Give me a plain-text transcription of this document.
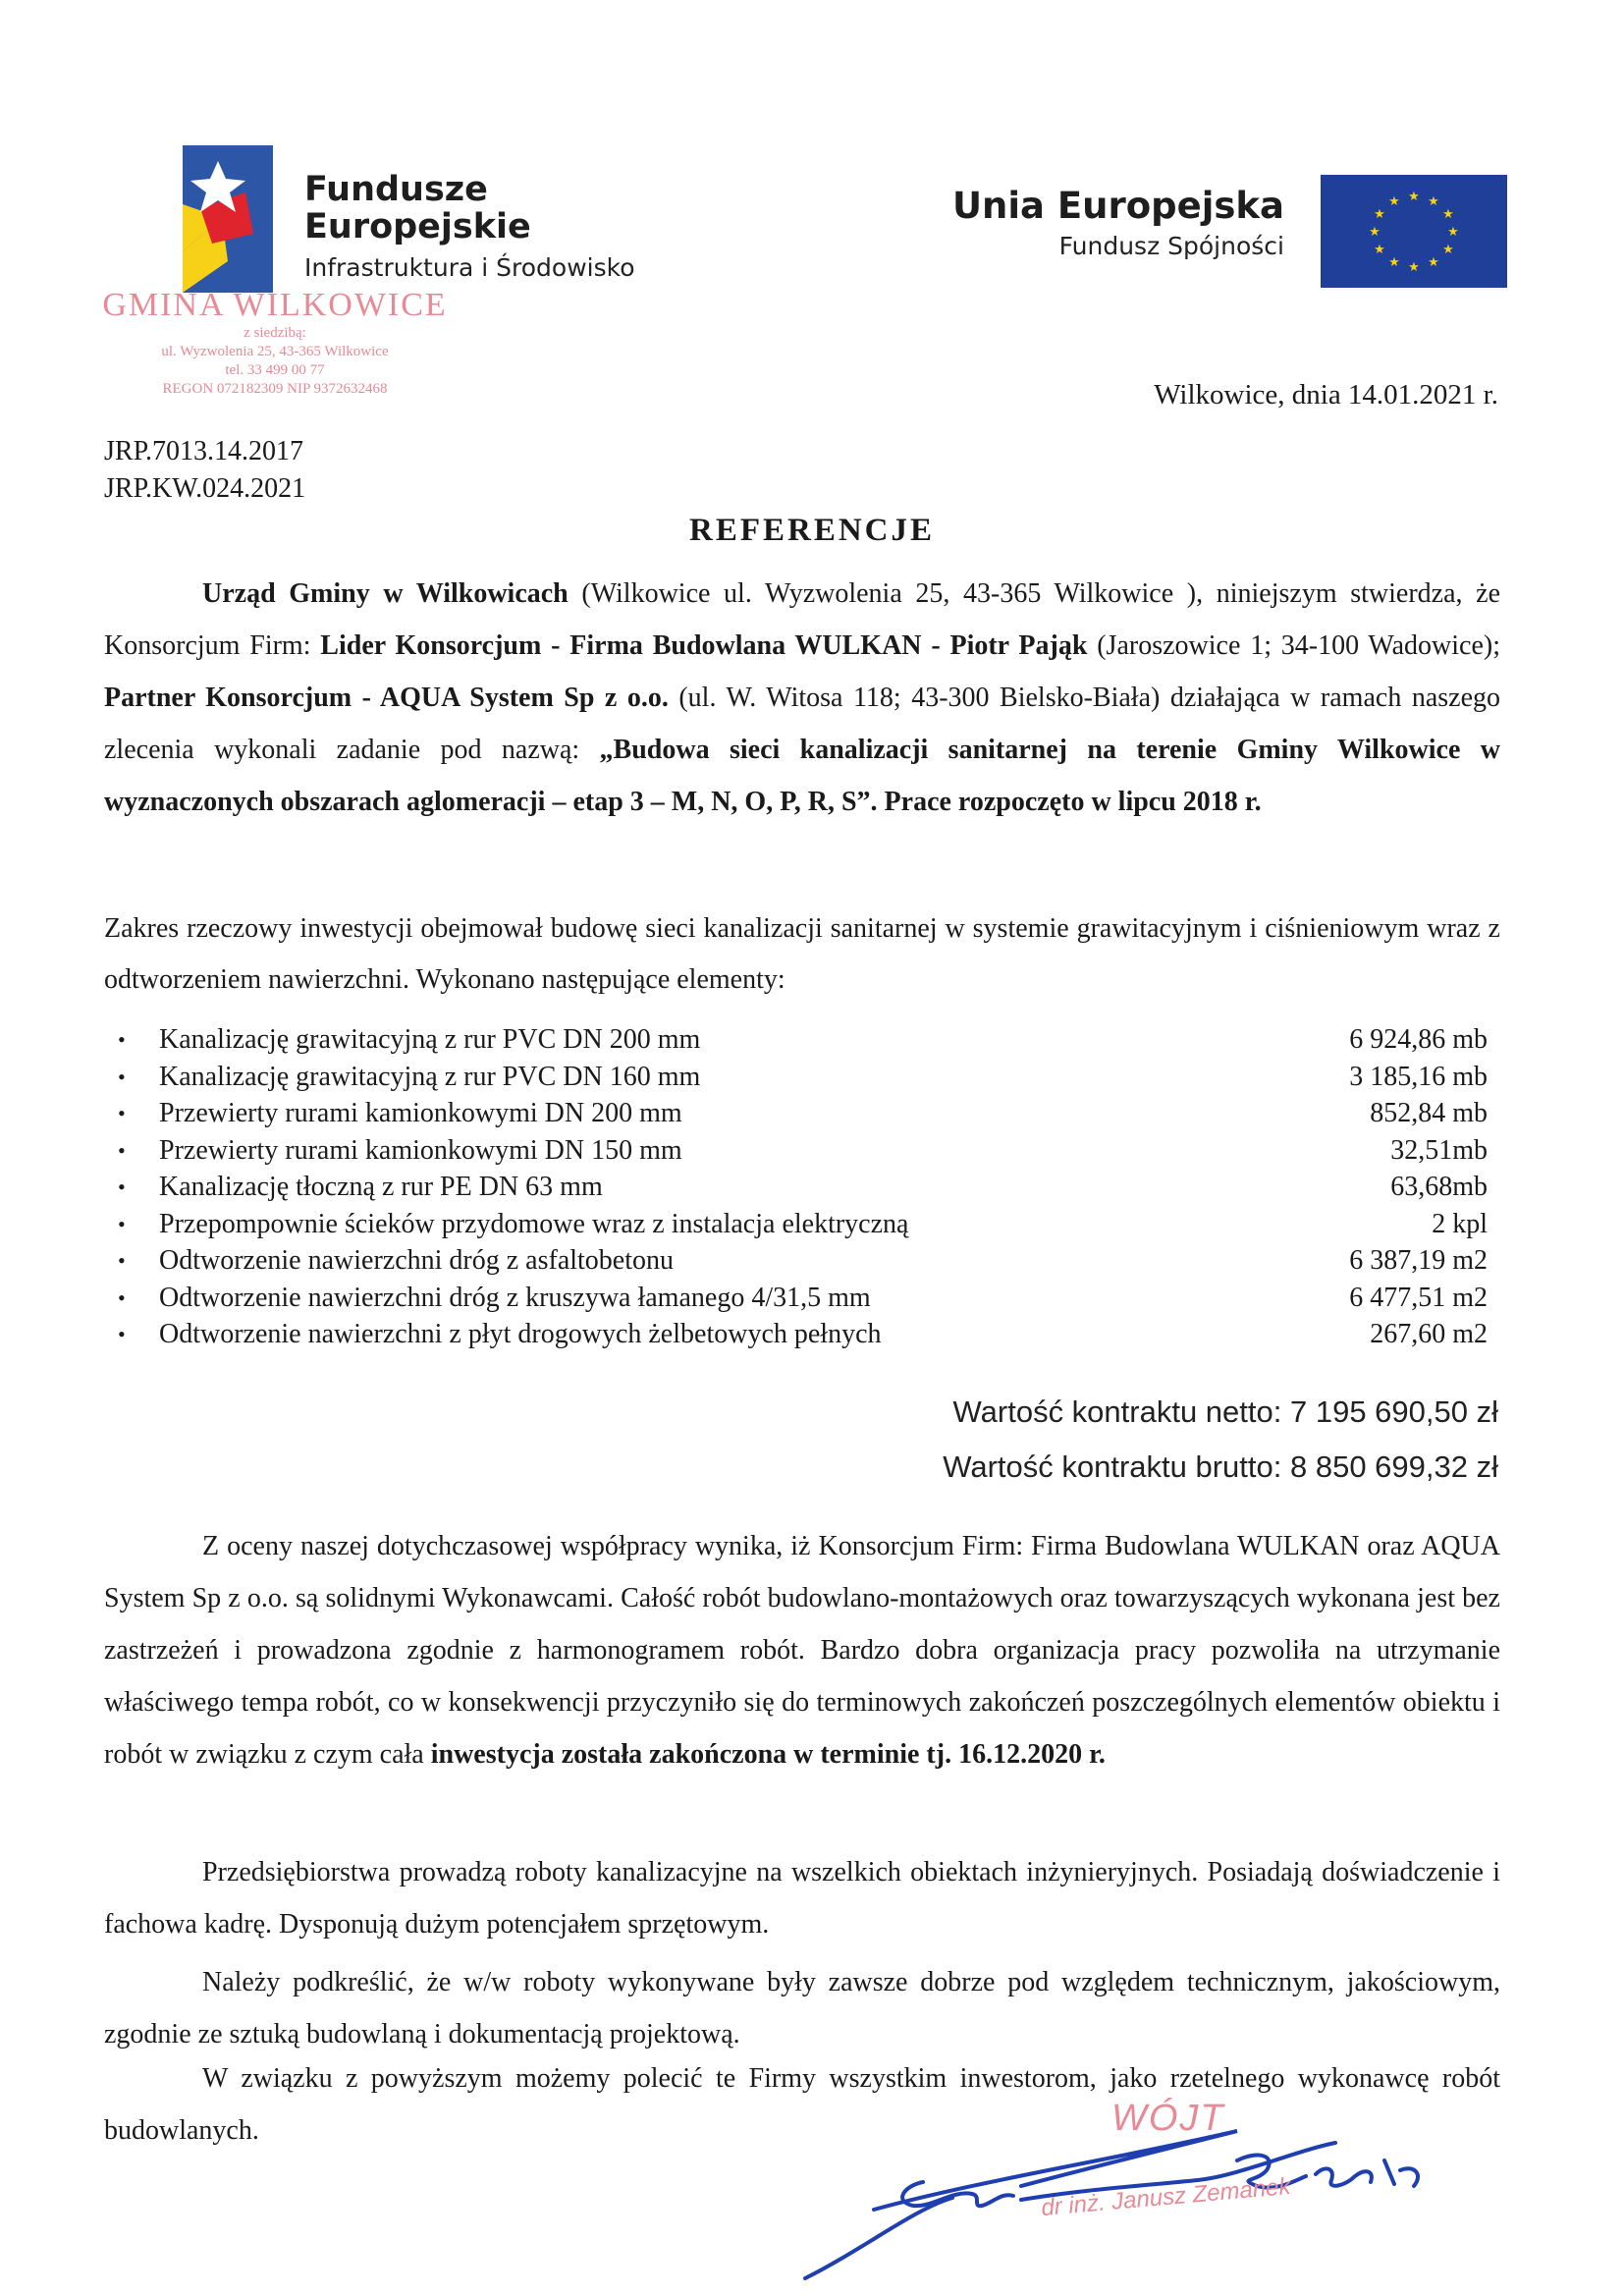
Fundusze
Europejskie
Infrastruktura i Środowisko
Unia Europejska
Fundusz Spójności
★ ★
★
★
★
★
★
★
★
★
★
★
GMINA WILKOWICE
z siedzibą:
ul. Wyzwolenia 25, 43-365 Wilkowice
tel. 33 499 00 77
REGON 072182309 NIP 9372632468
JRP.7013.14.2017
JRP.KW.024.2021
Wilkowice, dnia 14.01.2021 r.
REFERENCJE
Urząd Gminy w Wilkowicach (Wilkowice ul. Wyzwolenia 25, 43-365 Wilkowice ), niniejszym stwierdza, że Konsorcjum Firm: Lider Konsorcjum - Firma Budowlana WULKAN - Piotr Pająk (Jaroszowice 1; 34-100 Wadowice); Partner Konsorcjum - AQUA System Sp z o.o. (ul. W. Witosa 118; 43-300 Bielsko-Biała) działająca w ramach naszego zlecenia wykonali zadanie pod nazwą: „Budowa sieci kanalizacji sanitarnej na terenie Gminy Wilkowice w wyznaczonych obszarach aglomeracji – etap 3 – M, N, O, P, R, S”. Prace rozpoczęto w lipcu 2018 r.
Zakres rzeczowy inwestycji obejmował budowę sieci kanalizacji sanitarnej w systemie grawitacyjnym i ciśnieniowym wraz z odtworzeniem nawierzchni. Wykonano następujące elementy:
•	Kanalizację grawitacyjną z rur PVC DN 200 mm	6 924,86 mb
•	Kanalizację grawitacyjną z rur PVC DN 160 mm	3 185,16 mb
•	Przewierty rurami kamionkowymi DN 200 mm	852,84 mb
•	Przewierty rurami kamionkowymi DN 150 mm	32,51mb
•	Kanalizację tłoczną z rur PE DN 63 mm	63,68mb
•	Przepompownie ścieków przydomowe wraz z instalacja elektryczną	2 kpl
•	Odtworzenie nawierzchni dróg z asfaltobetonu	6 387,19 m2
•	Odtworzenie nawierzchni dróg z kruszywa łamanego 4/31,5 mm	6 477,51 m2
•	Odtworzenie nawierzchni z płyt drogowych żelbetowych pełnych	267,60 m2
Wartość kontraktu netto: 7 195 690,50 zł
Wartość kontraktu brutto: 8 850 699,32 zł
Z oceny naszej dotychczasowej współpracy wynika, iż Konsorcjum Firm: Firma Budowlana WULKAN oraz AQUA System Sp z o.o. są solidnymi Wykonawcami. Całość robót budowlano-montażowych oraz towarzyszących wykonana jest bez zastrzeżeń i prowadzona zgodnie z harmonogramem robót. Bardzo dobra organizacja pracy pozwoliła na utrzymanie właściwego tempa robót, co w konsekwencji przyczyniło się do terminowych zakończeń poszczególnych elementów obiektu i robót w związku z czym cała inwestycja została zakończona w terminie tj. 16.12.2020 r.
Przedsiębiorstwa prowadzą roboty kanalizacyjne na wszelkich obiektach inżynieryjnych. Posiadają doświadczenie i fachowa kadrę. Dysponują dużym potencjałem sprzętowym.
Należy podkreślić, że w/w roboty wykonywane były zawsze dobrze pod względem technicznym, jakościowym, zgodnie ze sztuką budowlaną i dokumentacją projektową.
W związku z powyższym możemy polecić te Firmy wszystkim inwestorom, jako rzetelnego wykonawcę robót budowlanych.	WÓJT
dr inż. Janusz Zemanek
